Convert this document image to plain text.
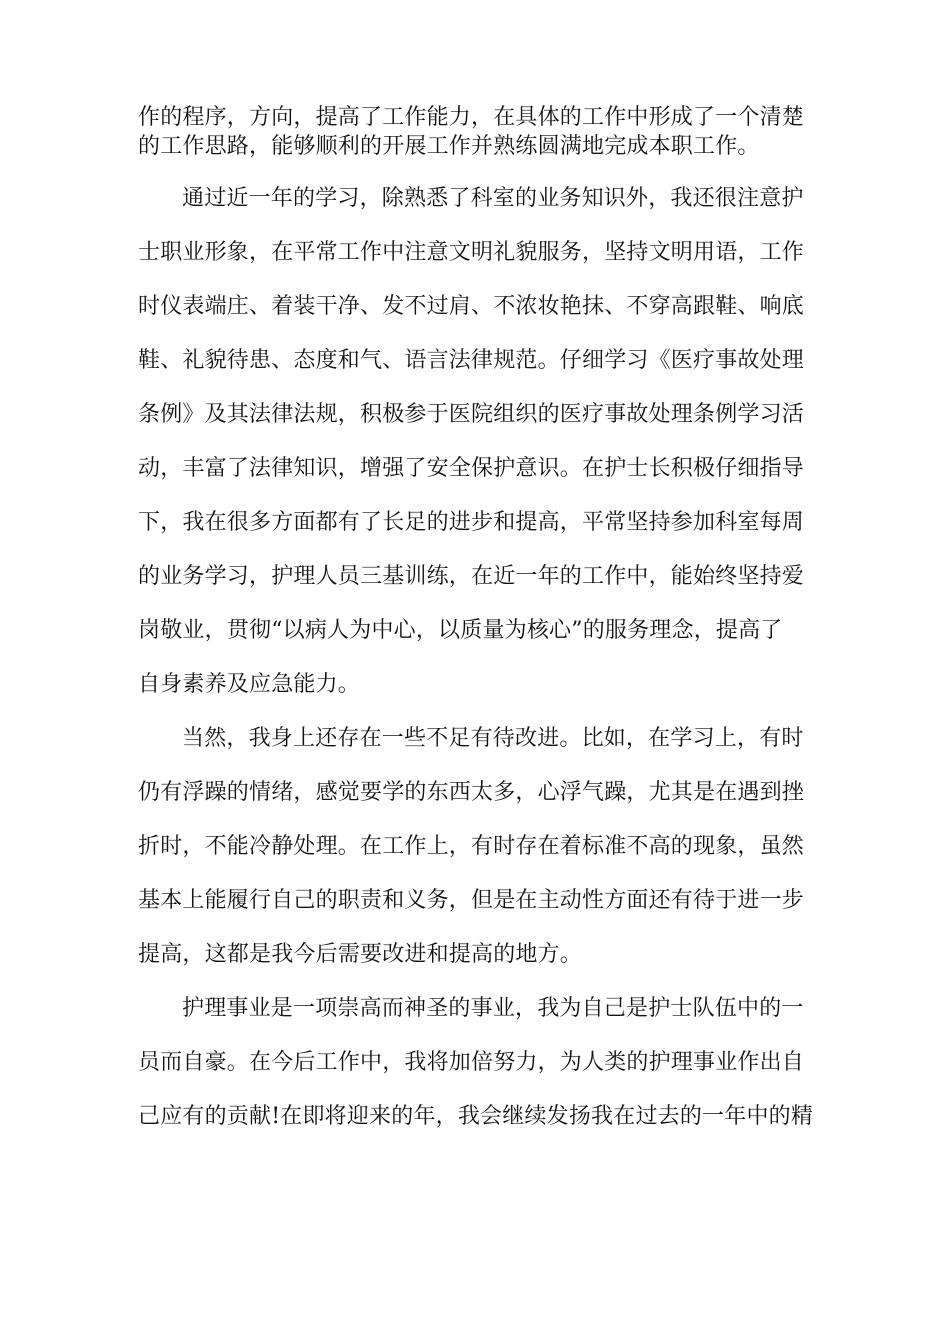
作的程序，方向，提高了工作能力，在具体的工作中形成了一个清楚
的工作思路，能够顺利的开展工作并熟练圆满地完成本职工作。
通过近一年的学习，除熟悉了科室的业务知识外，我还很注意护
士职业形象，在平常工作中注意文明礼貌服务，坚持文明用语，工作
时仪表端庄、着装干净、发不过肩、不浓妆艳抹、不穿高跟鞋、响底
鞋、礼貌待患、态度和气、语言法律规范。仔细学习《医疗事故处理
条例》及其法律法规，积极参于医院组织的医疗事故处理条例学习活
动，丰富了法律知识，增强了安全保护意识。在护士长积极仔细指导
下，我在很多方面都有了长足的进步和提高，平常坚持参加科室每周
的业务学习，护理人员三基训练，在近一年的工作中，能始终坚持爱
岗敬业，贯彻“以病人为中心，以质量为核心”的服务理念，提高了
自身素养及应急能力。
当然，我身上还存在一些不足有待改进。比如，在学习上，有时
仍有浮躁的情绪，感觉要学的东西太多，心浮气躁，尤其是在遇到挫
折时，不能冷静处理。在工作上，有时存在着标准不高的现象，虽然
基本上能履行自己的职责和义务，但是在主动性方面还有待于进一步
提高，这都是我今后需要改进和提高的地方。
护理事业是一项崇高而神圣的事业，我为自己是护士队伍中的一
员而自豪。在今后工作中，我将加倍努力，为人类的护理事业作出自
己应有的贡献!在即将迎来的年，我会继续发扬我在过去的一年中的精
